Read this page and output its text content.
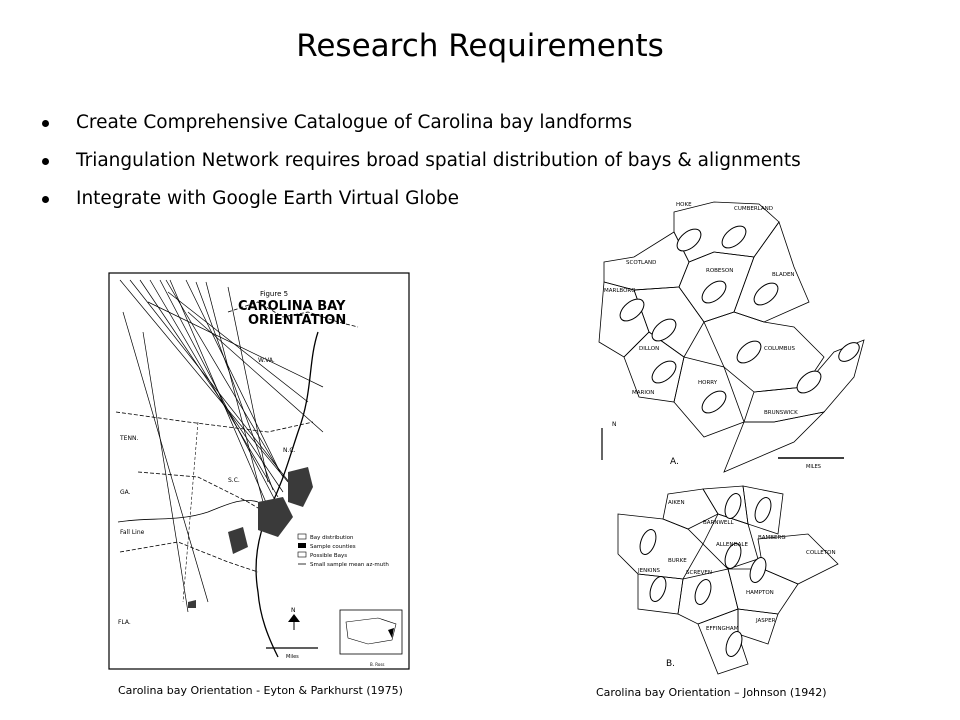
Research Requirements
Create Comprehensive Catalogue of Carolina bay landforms
Triangulation Network requires broad spatial distribution of bays & alignments
Integrate with Google Earth Virtual Globe
Figure 5
CAROLINA BAY
ORIENTATION
W.VA.
TENN.
N.C.
S.C.
GA.
FLA.
Fall Line
Bay distribution
Sample counties
Possible Bays
Small sample mean az-muth
N
Miles
B. Ross
Carolina bay Orientation - Eyton & Parkhurst (1975)
HOKE
CUMBERLAND
SCOTLAND
ROBESON
BLADEN
MARLBORO
DILLON	COLUMBUS
MARION
HORRY
BRUNSWICK
N
A.	MILES
AIKEN
BARNWELL
BAMBERG
ALLENDALE
BURKE
COLLETON
JENKINS	SCREVEN
HAMPTON
JASPER
EFFINGHAM
B.
Carolina bay Orientation – Johnson (1942)
